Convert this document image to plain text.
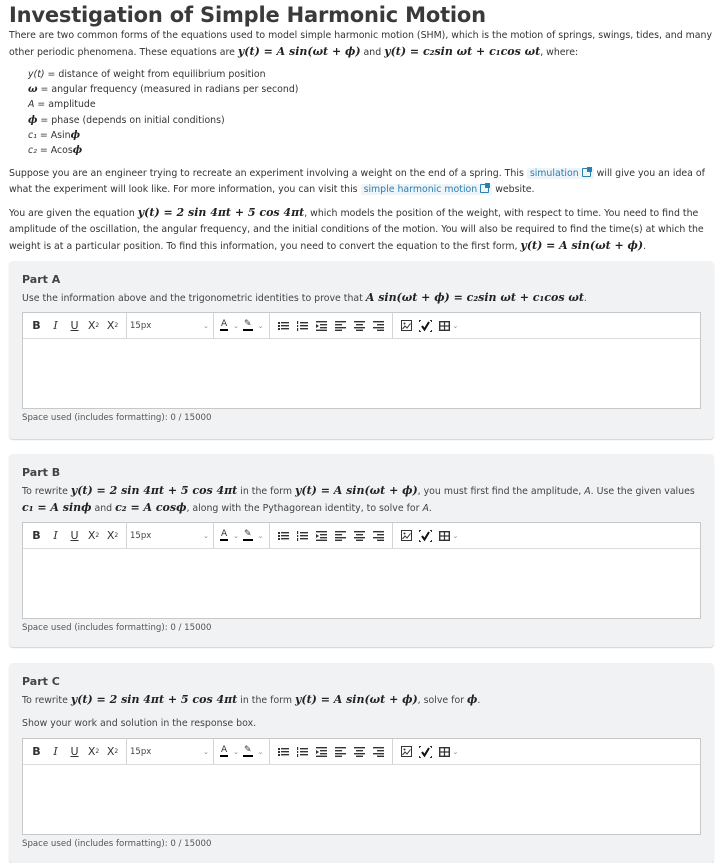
Investigation of Simple Harmonic Motion

There are two common forms of the equations used to model simple harmonic motion (SHM), which is the motion of springs, swings, tides, and many other periodic phenomena. These equations are y(t) = A sin(ωt + ϕ) and y(t) = c₂sin ωt + c₁cos ωt, where:

y(t) = distance of weight from equilibrium position
ω = angular frequency (measured in radians per second)
A = amplitude
ϕ = phase (depends on initial conditions)
c₁ = Asinϕ
c₂ = Acosϕ

Suppose you are an engineer trying to recreate an experiment involving a weight on the end of a spring. This simulation will give you an idea of what the experiment will look like. For more information, you can visit this simple harmonic motion website.

You are given the equation y(t) = 2 sin 4πt + 5 cos 4πt, which models the position of the weight, with respect to time. You need to find the amplitude of the oscillation, the angular frequency, and the initial conditions of the motion. You will also be required to find the time(s) at which the weight is at a particular position. To find this information, you need to convert the equation to the first form, y(t) = A sin(ωt + ϕ).

Part A

Use the information above and the trigonometric identities to prove that A sin(ωt + ϕ) = c₂sin ωt + c₁cos ωt.

B	I	U X 2 X 2 15px	⌄ A ⌄ ✎ ⌄	⌄
Space used (includes formatting): 0 / 15000
Part B

To rewrite y(t) = 2 sin 4πt + 5 cos 4πt in the form y(t) = A sin(ωt + ϕ), you must first find the amplitude, A. Use the given values
c₁ = A sinϕ and c₂ = A cosϕ, along with the Pythagorean identity, to solve for A.

B	I	U X 2 X 2 15px	⌄ A ⌄ ✎ ⌄	⌄
Space used (includes formatting): 0 / 15000
Part C

To rewrite y(t) = 2 sin 4πt + 5 cos 4πt in the form y(t) = A sin(ωt + ϕ), solve for ϕ.

Show your work and solution in the response box.

B	I	U X 2 X 2 15px	⌄ A ⌄ ✎ ⌄	⌄
Space used (includes formatting): 0 / 15000
